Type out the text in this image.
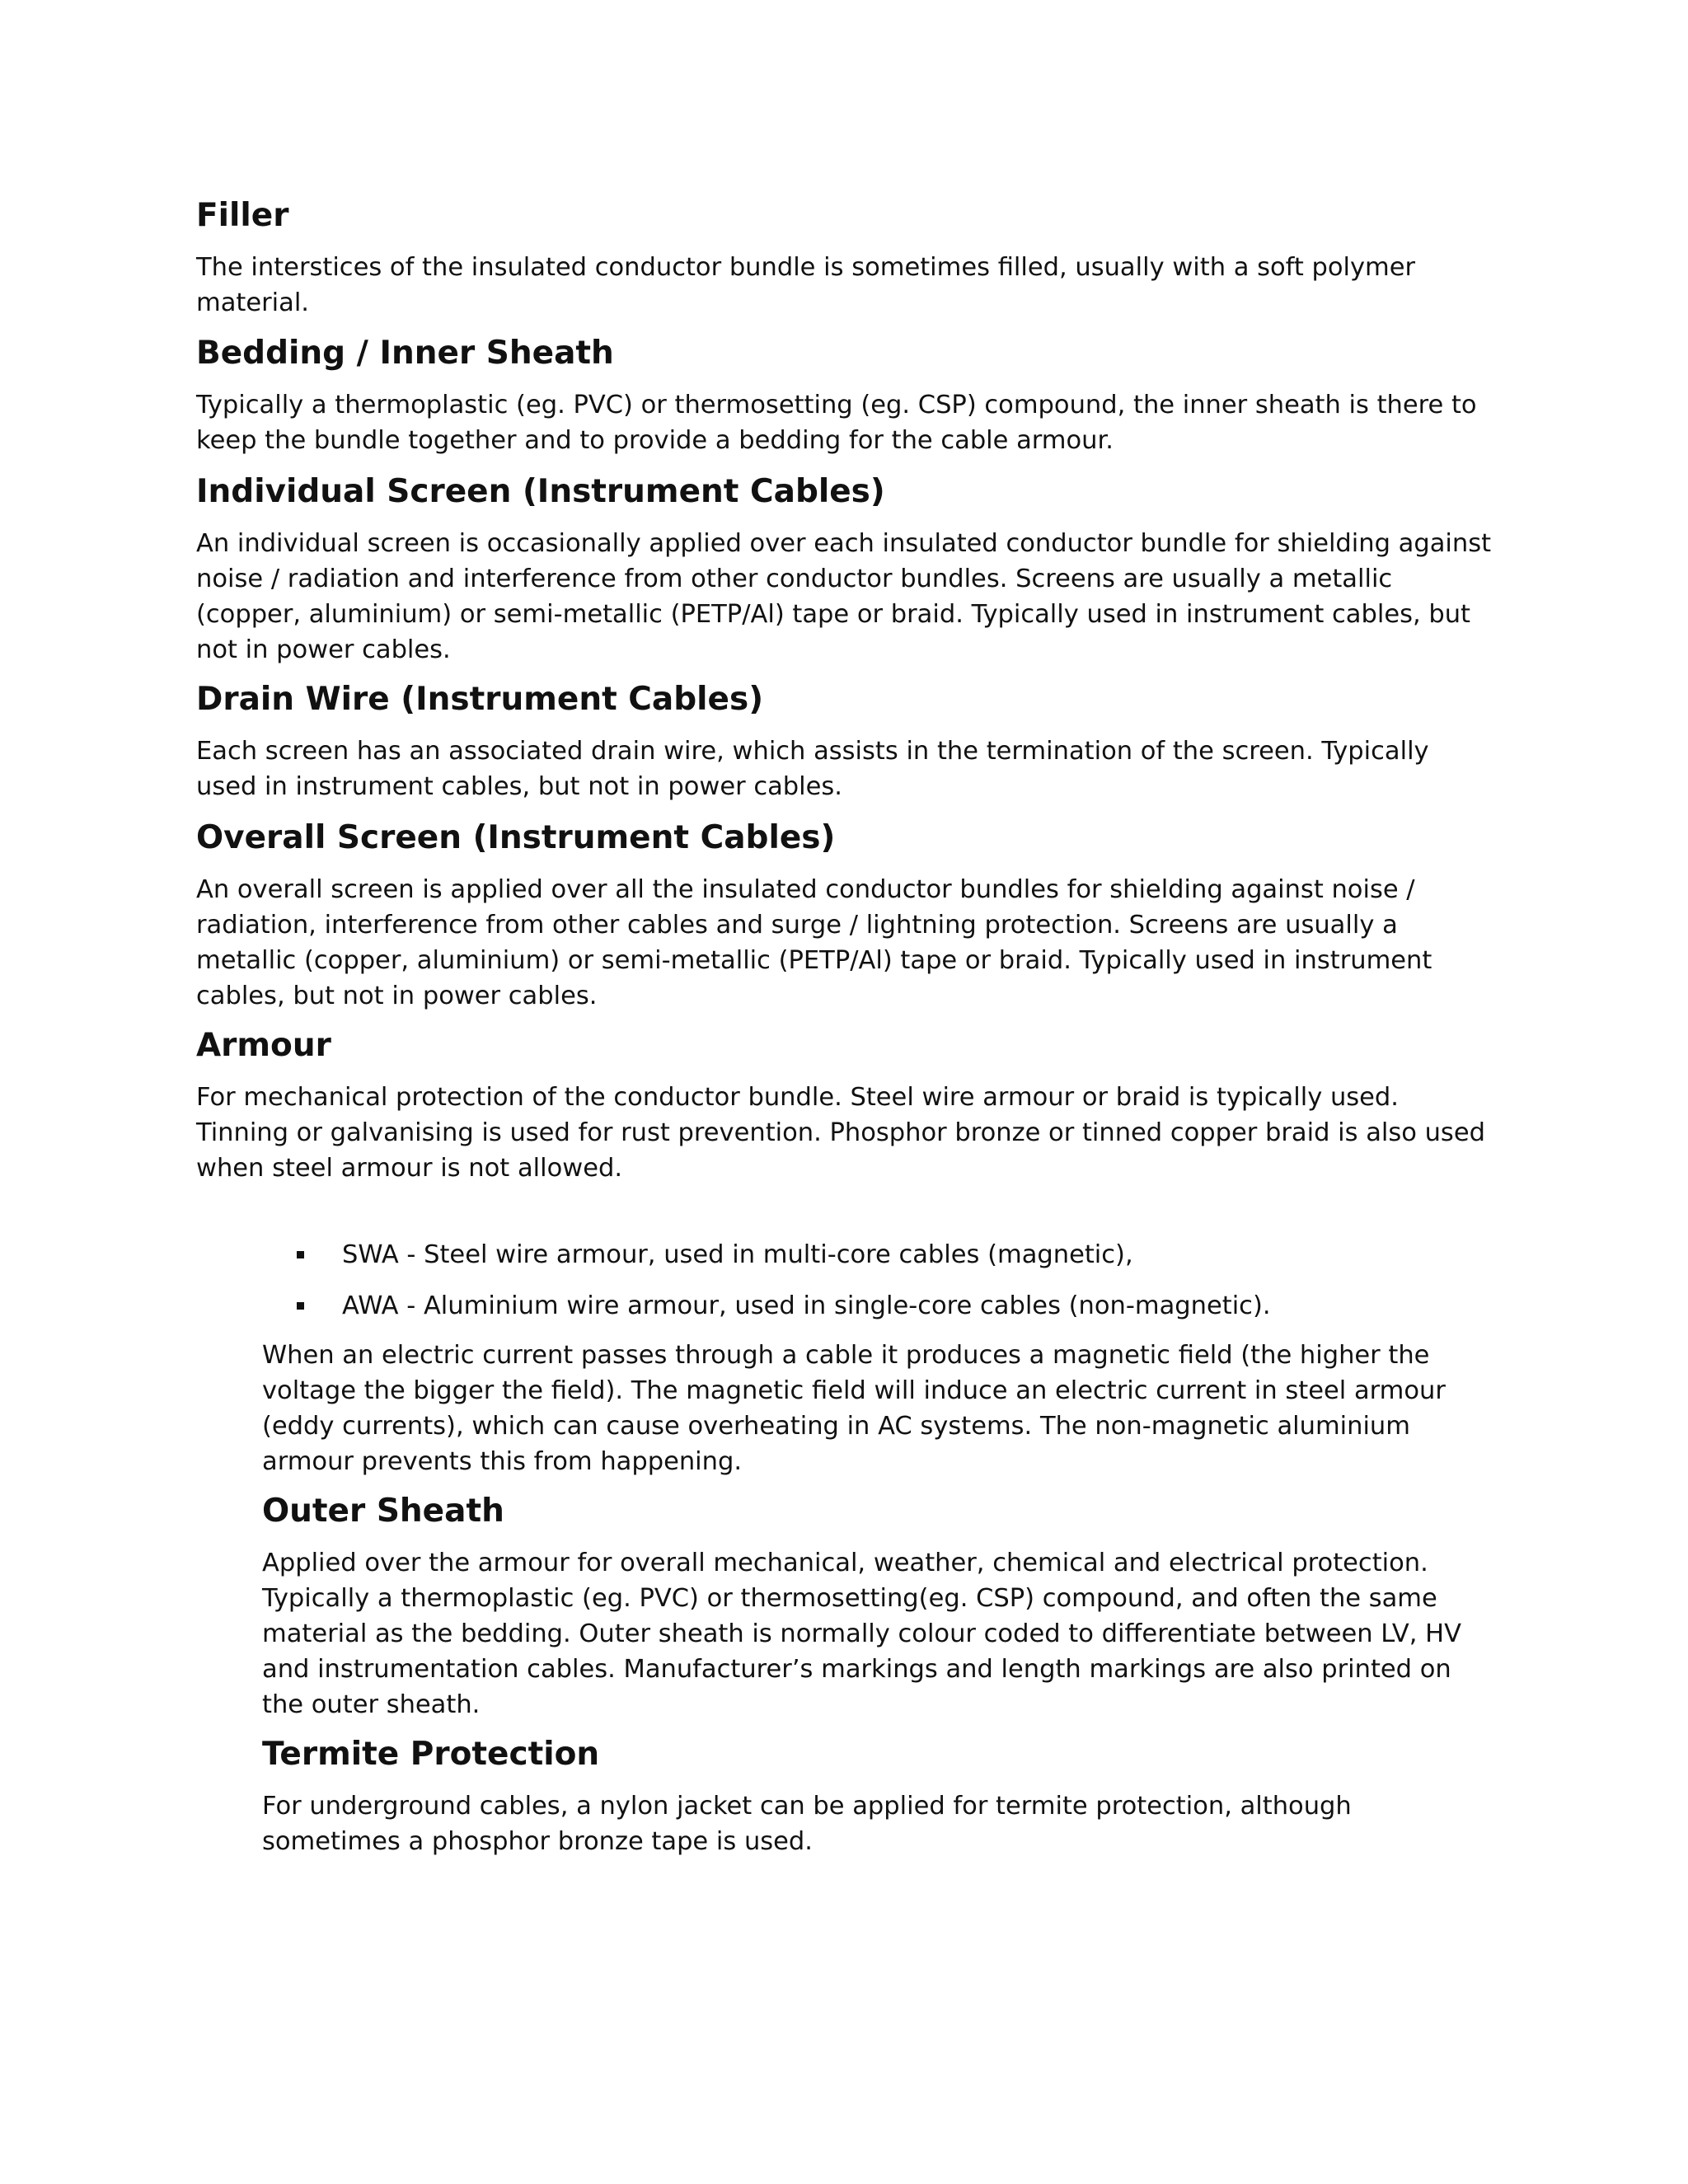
Filler
The interstices of the insulated conductor bundle is sometimes filled, usually with a soft polymer
material.
Bedding / Inner Sheath
Typically a thermoplastic (eg. PVC) or thermosetting (eg. CSP) compound, the inner sheath is there to
keep the bundle together and to provide a bedding for the cable armour.
Individual Screen (Instrument Cables)
An individual screen is occasionally applied over each insulated conductor bundle for shielding against
noise / radiation and interference from other conductor bundles. Screens are usually a metallic
(copper, aluminium) or semi-metallic (PETP/Al) tape or braid. Typically used in instrument cables, but
not in power cables.
Drain Wire (Instrument Cables)
Each screen has an associated drain wire, which assists in the termination of the screen. Typically
used in instrument cables, but not in power cables.
Overall Screen (Instrument Cables)
An overall screen is applied over all the insulated conductor bundles for shielding against noise /
radiation, interference from other cables and surge / lightning protection. Screens are usually a
metallic (copper, aluminium) or semi-metallic (PETP/Al) tape or braid. Typically used in instrument
cables, but not in power cables.
Armour
For mechanical protection of the conductor bundle. Steel wire armour or braid is typically used.
Tinning or galvanising is used for rust prevention. Phosphor bronze or tinned copper braid is also used
when steel armour is not allowed.
SWA - Steel wire armour, used in multi-core cables (magnetic),
AWA - Aluminium wire armour, used in single-core cables (non-magnetic).
When an electric current passes through a cable it produces a magnetic field (the higher the
voltage the bigger the field). The magnetic field will induce an electric current in steel armour
(eddy currents), which can cause overheating in AC systems. The non-magnetic aluminium
armour prevents this from happening.
Outer Sheath
Applied over the armour for overall mechanical, weather, chemical and electrical protection.
Typically a thermoplastic (eg. PVC) or thermosetting(eg. CSP) compound, and often the same
material as the bedding. Outer sheath is normally colour coded to differentiate between LV, HV
and instrumentation cables. Manufacturer’s markings and length markings are also printed on
the outer sheath.
Termite Protection
For underground cables, a nylon jacket can be applied for termite protection, although
sometimes a phosphor bronze tape is used.
